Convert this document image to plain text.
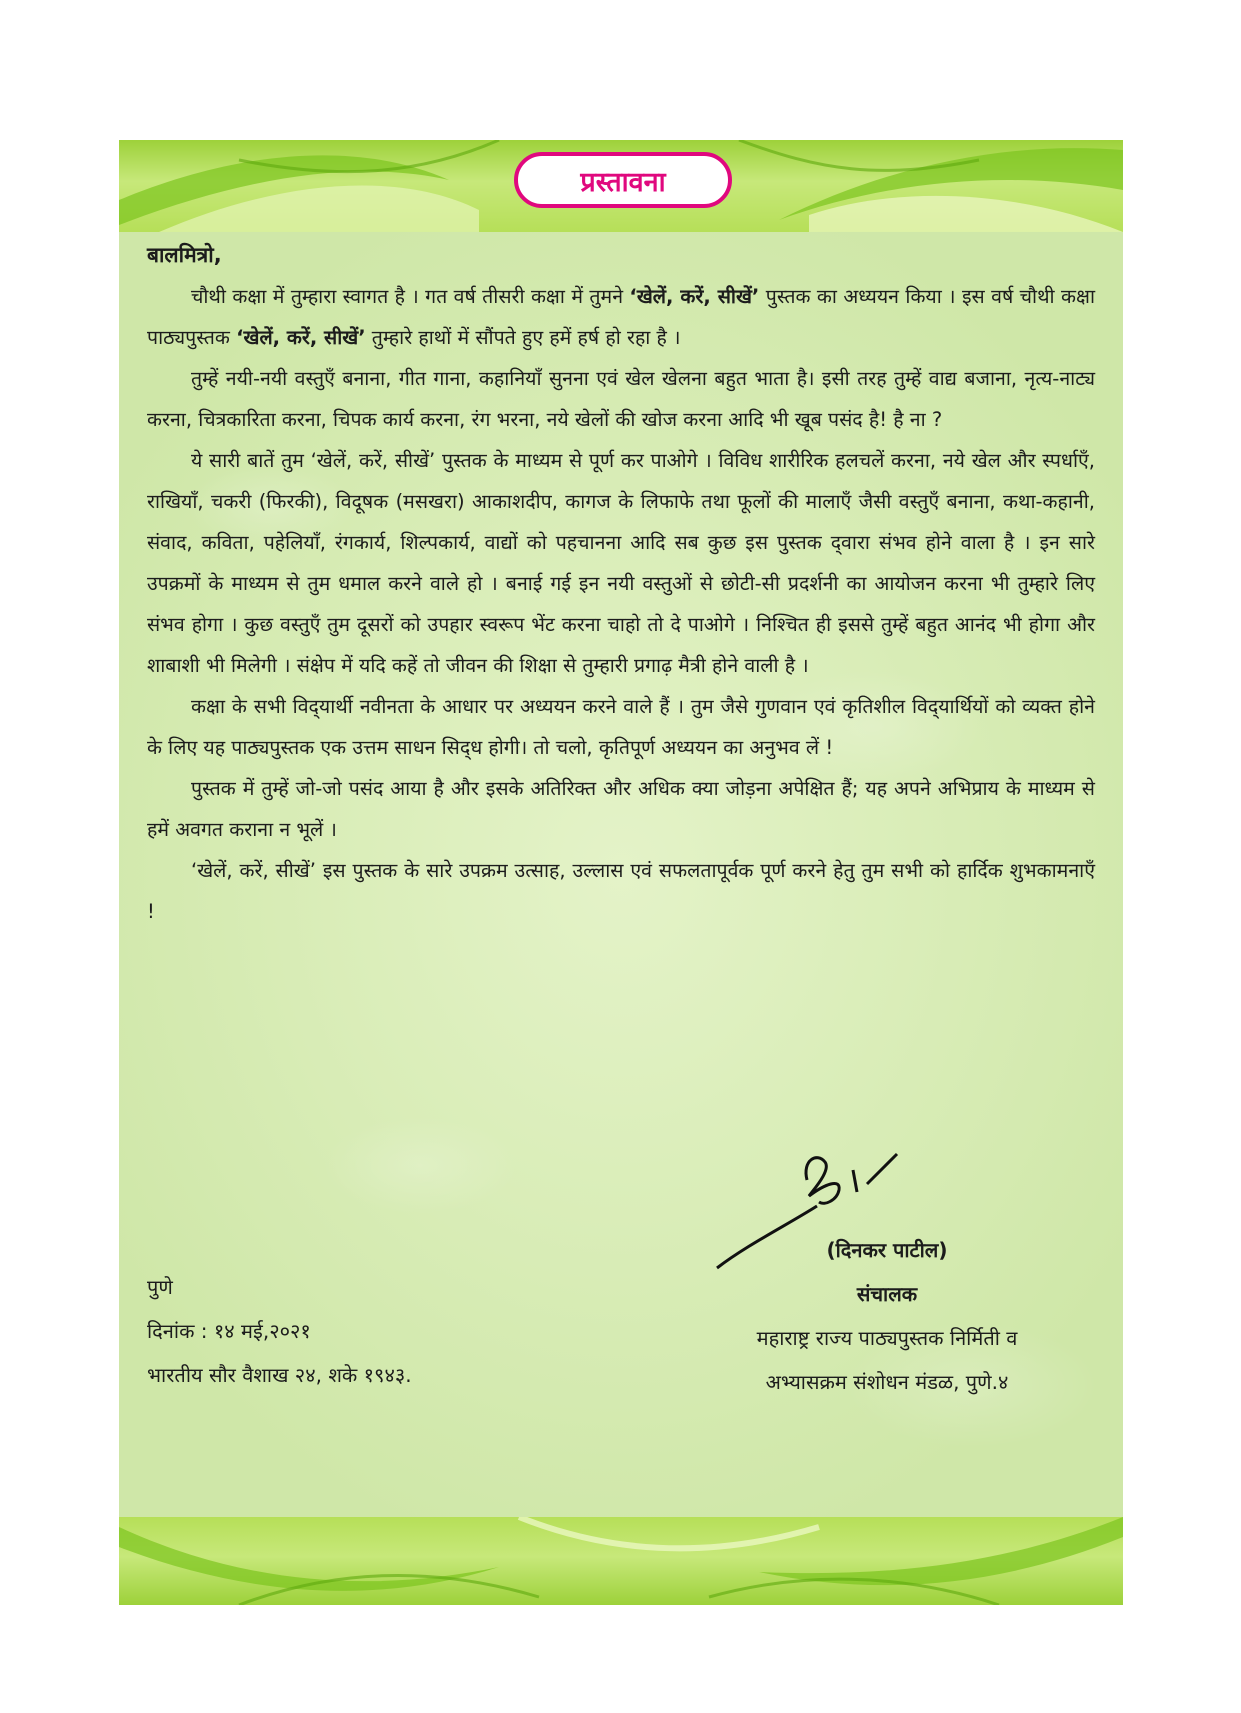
प्रस्तावना

बालमित्रो,

चौथी कक्षा में तुम्हारा स्वागत है । गत वर्ष तीसरी कक्षा में तुमने ‘खेलें, करें, सीखें’ पुस्तक का अध्ययन किया । इस वर्ष चौथी कक्षा पाठ्यपुस्तक ‘खेलें, करें, सीखें’ तुम्हारे हाथों में सौंपते हुए हमें हर्ष हो रहा है ।

तुम्हें नयी-नयी वस्तुएँ बनाना, गीत गाना, कहानियाँ सुनना एवं खेल खेलना बहुत भाता है। इसी तरह तुम्हें वाद्य बजाना, नृत्य-नाट्य करना, चित्रकारिता करना, चिपक कार्य करना, रंग भरना, नये खेलों की खोज करना आदि भी खूब पसंद है! है ना ?

ये सारी बातें तुम ‘खेलें, करें, सीखें’ पुस्तक के माध्यम से पूर्ण कर पाओगे । विविध शारीरिक हलचलें करना, नये खेल और स्पर्धाएँ, राखियाँ, चकरी (फिरकी), विदूषक (मसखरा) आकाशदीप, कागज के लिफाफे तथा फूलों की मालाएँ जैसी वस्तुएँ बनाना, कथा-कहानी, संवाद, कविता, पहेलियाँ, रंगकार्य, शिल्पकार्य, वाद्यों को पहचानना आदि सब कुछ इस पुस्तक द्‌वारा संभव होने वाला है । इन सारे उपक्रमों के माध्यम से तुम धमाल करने वाले हो । बनाई गई इन नयी वस्तुओं से छोटी-सी प्रदर्शनी का आयोजन करना भी तुम्हारे लिए संभव होगा । कुछ वस्तुएँ तुम दूसरों को उपहार स्वरूप भेंट करना चाहो तो दे पाओगे । निश्चित ही इससे तुम्हें बहुत आनंद भी होगा और शाबाशी भी मिलेगी । संक्षेप में यदि कहें तो जीवन की शिक्षा से तुम्हारी प्रगाढ़ मैत्री होने वाली है ।

कक्षा के सभी विद्‌यार्थी नवीनता के आधार पर अध्ययन करने वाले हैं । तुम जैसे गुणवान एवं कृतिशील विद्‌यार्थियों को व्यक्त होने के लिए यह पाठ्यपुस्तक एक उत्तम साधन सिद्‌ध होगी। तो चलो, कृतिपूर्ण अध्ययन का अनुभव लें !

पुस्तक में तुम्हें जो-जो पसंद आया है और इसके अतिरिक्त और अधिक क्या जोड़ना अपेक्षित हैं; यह अपने अभिप्राय के माध्यम से हमें अवगत कराना न भूलें ।

‘खेलें, करें, सीखें’ इस पुस्तक के सारे उपक्रम उत्साह, उल्लास एवं सफलतापूर्वक पूर्ण करने हेतु तुम सभी को हार्दिक शुभकामनाएँ !

(दिनकर पाटील)
संचालक
महाराष्ट्र राज्य पाठ्यपुस्तक निर्मिती व
अभ्यासक्रम संशोधन मंडळ, पुणे.४
पुणे
दिनांक : १४ मई,२०२१
भारतीय सौर वैशाख २४, शके १९४३.
